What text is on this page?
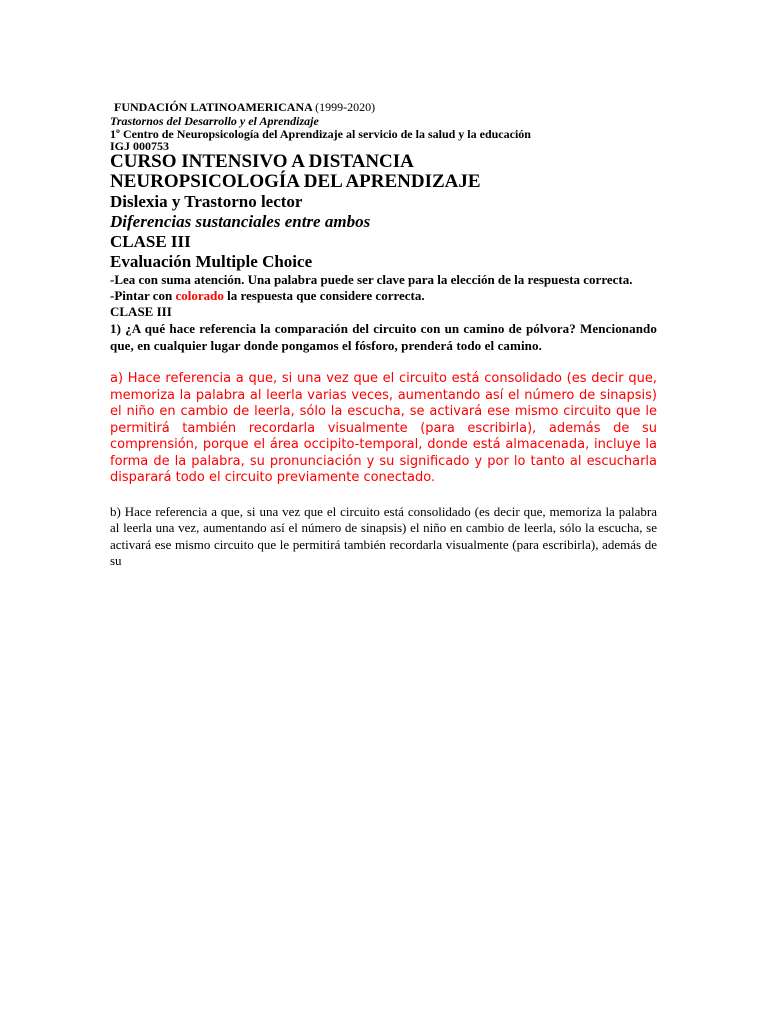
FUNDACIÓN LATINOAMERICANA (1999-2020)
Trastornos del Desarrollo y el Aprendizaje
1º Centro de Neuropsicología del Aprendizaje al servicio de la salud y la educación
IGJ 000753
CURSO INTENSIVO A DISTANCIA
NEUROPSICOLOGÍA DEL APRENDIZAJE
Dislexia y Trastorno lector
Diferencias sustanciales entre ambos
CLASE III
Evaluación Multiple Choice
-Lea con suma atención. Una palabra puede ser clave para la elección de la respuesta correcta.
-Pintar con colorado la respuesta que considere correcta.
CLASE III
1) ¿A qué hace referencia la comparación del circuito con un camino de pólvora? Mencionando que, en cualquier lugar donde pongamos el fósforo, prenderá todo el camino.
a) Hace referencia a que, si una vez que el circuito está consolidado (es decir que, memoriza la palabra al leerla varias veces, aumentando así el número de sinapsis) el niño en cambio de leerla, sólo la escucha, se activará ese mismo circuito que le permitirá también recordarla visualmente (para escribirla), además de su comprensión, porque el área occipito-temporal, donde está almacenada, incluye la forma de la palabra, su pronunciación y su significado y por lo tanto al escucharla disparará todo el circuito previamente conectado.
b) Hace referencia a que, si una vez que el circuito está consolidado (es decir que, memoriza la palabra al leerla una vez, aumentando así el número de sinapsis) el niño en cambio de leerla, sólo la escucha, se activará ese mismo circuito que le permitirá también recordarla visualmente (para escribirla), además de su
